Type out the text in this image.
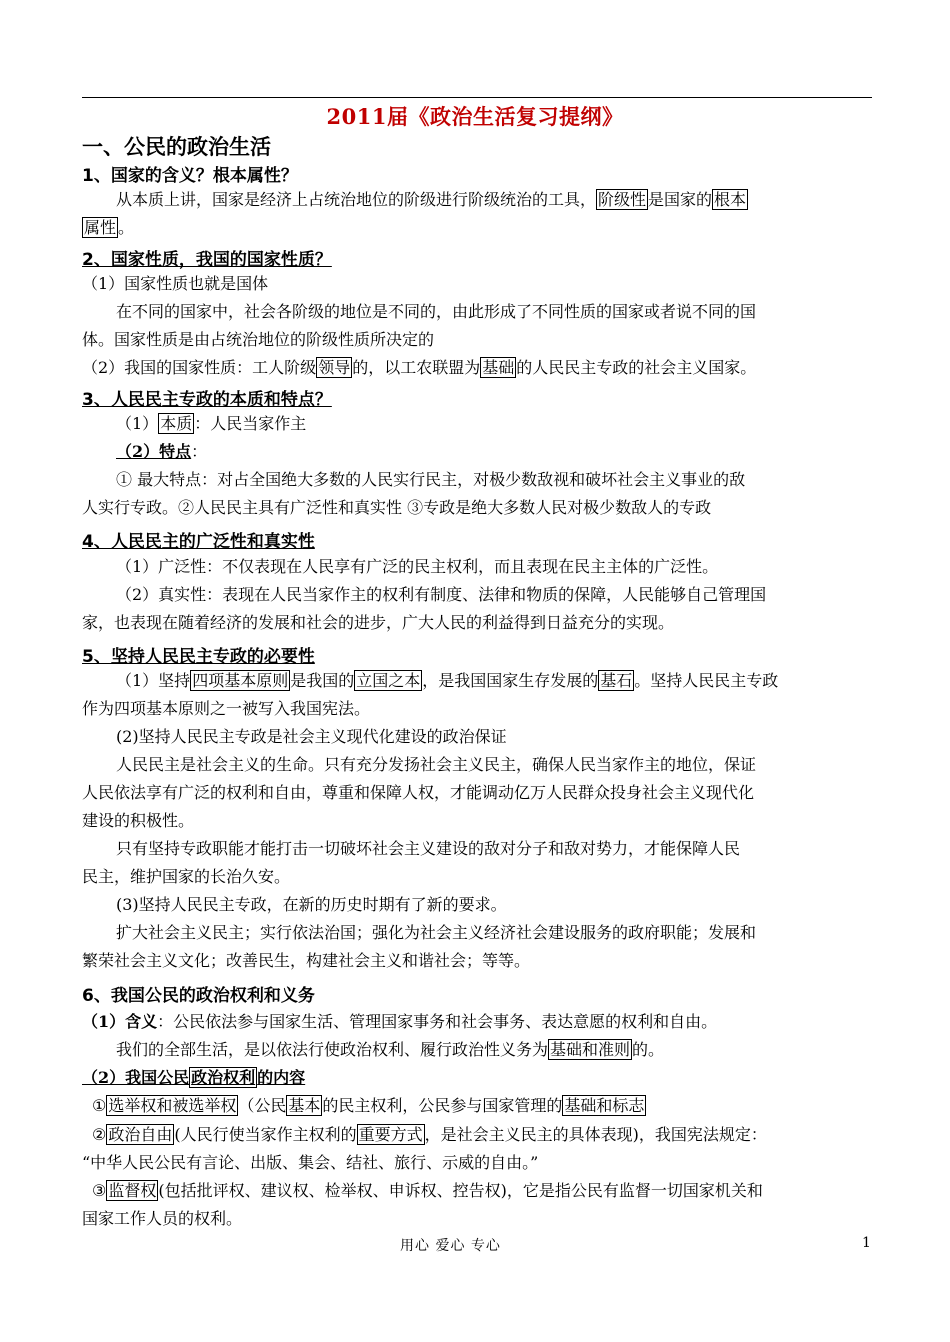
2011届《政治生活复习提纲》
一、公民的政治生活
1、国家的含义？根本属性？
从本质上讲，国家是经济上占统治地位的阶级进行阶级统治的工具， 阶级性 是国家的 根本
属性 。
2、国家性质，我国的国家性质？
（1）国家性质也就是国体
在不同的国家中，社会各阶级的地位是不同的，由此形成了不同性质的国家或者说不同的国
体。国家性质是由占统治地位的阶级性质所决定的
（2）我国的国家性质：工人阶级 领导 的，以工农联盟为 基础 的人民民主专政的社会主义国家。
3、人民民主专政的本质和特点？
（1） 本质 ：人民当家作主
（2）特点：
① 最大特点：对占全国绝大多数的人民实行民主，对极少数敌视和破坏社会主义事业的敌
人实行专政。②人民民主具有广泛性和真实性 ③专政是绝大多数人民对极少数敌人的专政
4、人民民主的广泛性和真实性
（1）广泛性：不仅表现在人民享有广泛的民主权利，而且表现在民主主体的广泛性。
（2）真实性：表现在人民当家作主的权利有制度、法律和物质的保障，人民能够自己管理国
家，也表现在随着经济的发展和社会的进步，广大人民的利益得到日益充分的实现。
5、坚持人民民主专政的必要性
（1）坚持 四项基本原则 是我国的 立国之本 ，是我国国家生存发展的 基石 。坚持人民民主专政
作为四项基本原则之一被写入我国宪法。
(2)坚持人民民主专政是社会主义现代化建设的政治保证
人民民主是社会主义的生命。只有充分发扬社会主义民主，确保人民当家作主的地位，保证
人民依法享有广泛的权利和自由，尊重和保障人权，才能调动亿万人民群众投身社会主义现代化
建设的积极性。
只有坚持专政职能才能打击一切破坏社会主义建设的敌对分子和敌对势力，才能保障人民
民主，维护国家的长治久安。
(3)坚持人民民主专政，在新的历史时期有了新的要求。
扩大社会主义民主；实行依法治国；强化为社会主义经济社会建设服务的政府职能；发展和
繁荣社会主义文化；改善民生，构建社会主义和谐社会；等等。
6、我国公民的政治权利和义务
（1）含义：公民依法参与国家生活、管理国家事务和社会事务、表达意愿的权利和自由。
我们的全部生活，是以依法行使政治权利、履行政治性义务为 基础和准则 的。
（2）我国公民 政治权利 的内容
① 选举权和被选举权 （公民 基本 的民主权利，公民参与国家管理的 基础和标志
② 政治自由 (人民行使当家作主权利的 重要方式 ，是社会主义民主的具体表现)，我国宪法规定：
“中华人民公民有言论、出版、集会、结社、旅行、示威的自由。”
③ 监督权 (包括批评权、建议权、检举权、申诉权、控告权)，它是指公民有监督一切国家机关和
国家工作人员的权利。
用心 爱心 专心	1
